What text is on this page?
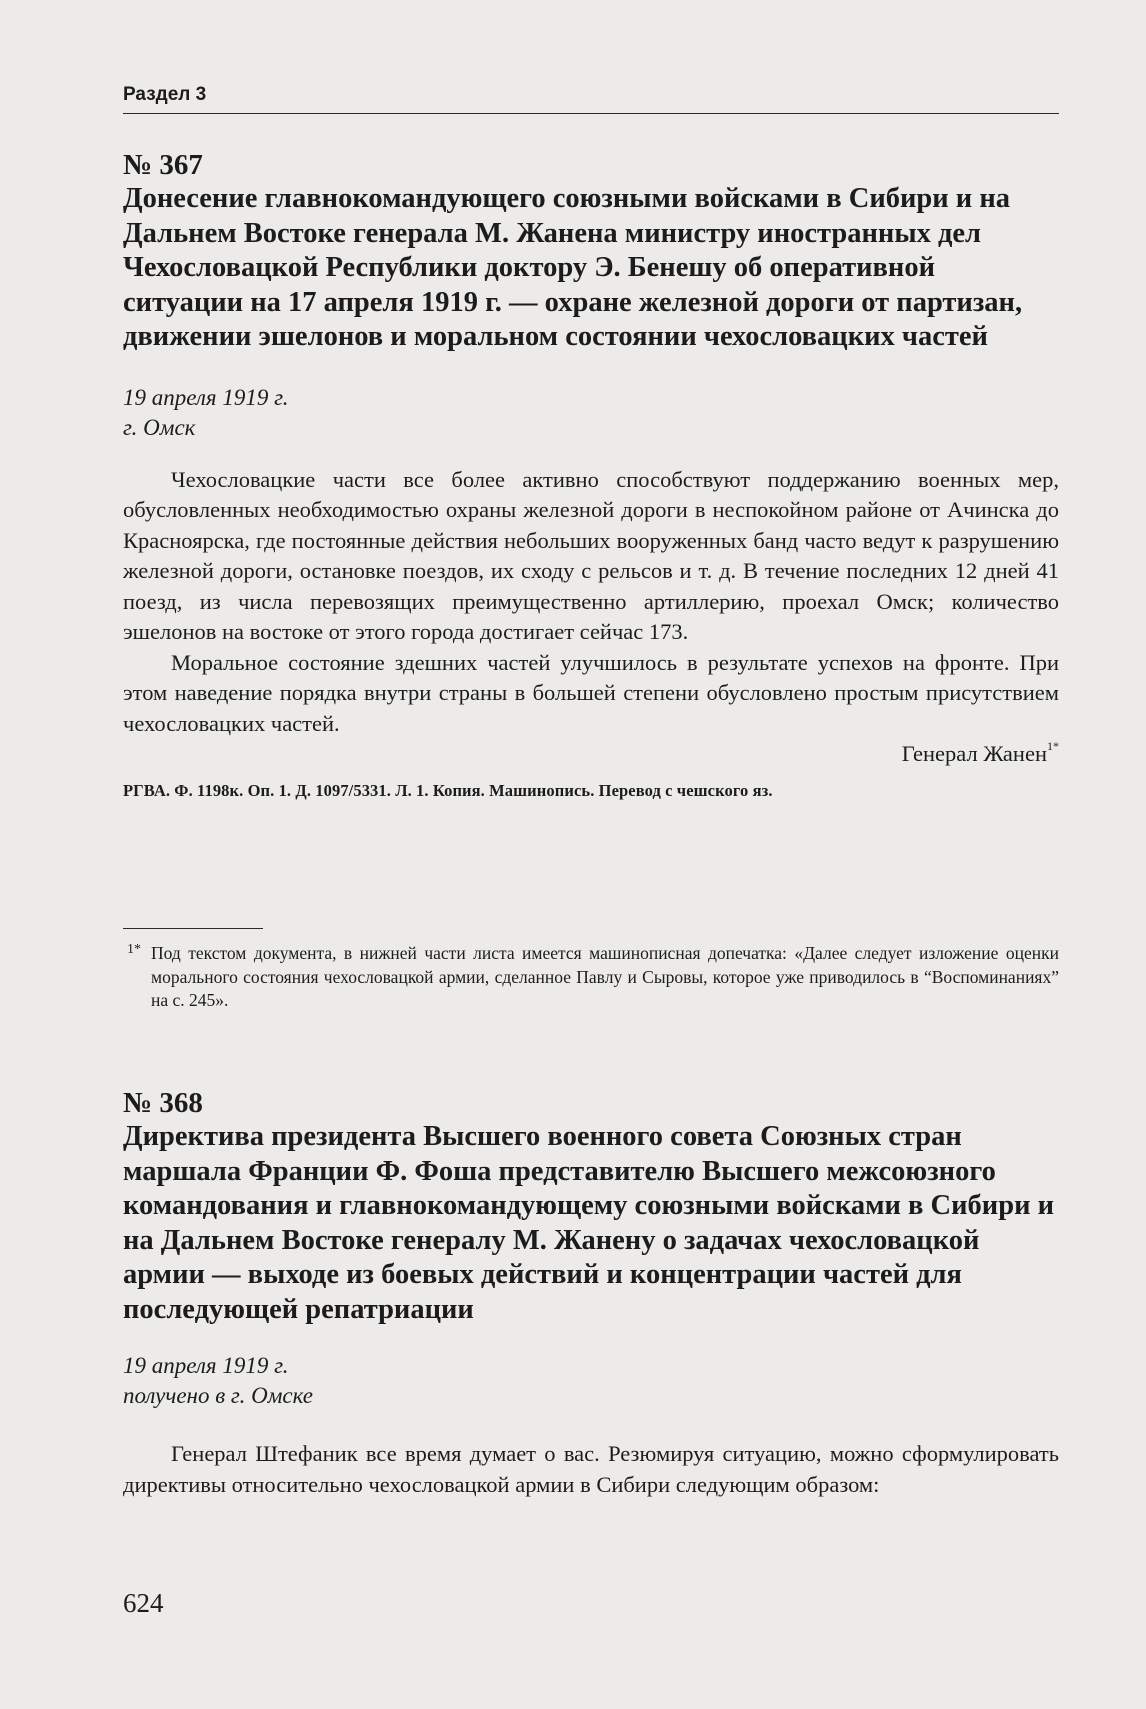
Раздел 3
№ 367
Донесение главнокомандующего союзными войсками в Сибири и на Дальнем Востоке генерала М. Жанена министру иностранных дел Чехословацкой Республики доктору Э. Бенешу об оперативной ситуации на 17 апреля 1919 г. — охране железной дороги от партизан, движении эшелонов и моральном состоянии чехословацких частей
19 апреля 1919 г.
г. Омск

Чехословацкие части все более активно способствуют поддержанию военных мер, обусловленных необходимостью охраны железной дороги в неспокойном районе от Ачинска до Красноярска, где постоянные действия небольших вооруженных банд часто ведут к разрушению железной дороги, остановке поездов, их сходу с рельсов и т. д. В течение последних 12 дней 41 поезд, из числа перевозящих преимущественно артиллерию, проехал Омск; количество эшелонов на востоке от этого города достигает сейчас 173.

Моральное состояние здешних частей улучшилось в результате успехов на фронте. При этом наведение порядка внутри страны в большей степени обусловлено простым присутствием чехословацких частей.

Генерал Жанен$^{1*}$
РГВА. Ф. 1198к. Оп. 1. Д. 1097/5331. Л. 1. Копия. Машинопись. Перевод с чешского яз.
1* Под текстом документа, в нижней части листа имеется машинописная допечатка: «Далее следует изложение оценки морального состояния чехословацкой армии, сделанное Павлу и Сыровы, которое уже приводилось в “Воспоминаниях” на с. 245».
№ 368
Директива президента Высшего военного совета Союзных стран маршала Франции Ф. Фоша представителю Высшего межсоюзного командования и главнокомандующему союзными войсками в Сибири и на Дальнем Востоке генералу М. Жанену о задачах чехословацкой армии — выходе из боевых действий и концентрации частей для последующей репатриации
19 апреля 1919 г.
получено в г. Омске

Генерал Штефаник все время думает о вас. Резюмируя ситуацию, можно сформулировать директивы относительно чехословацкой армии в Сибири следующим образом:

624
